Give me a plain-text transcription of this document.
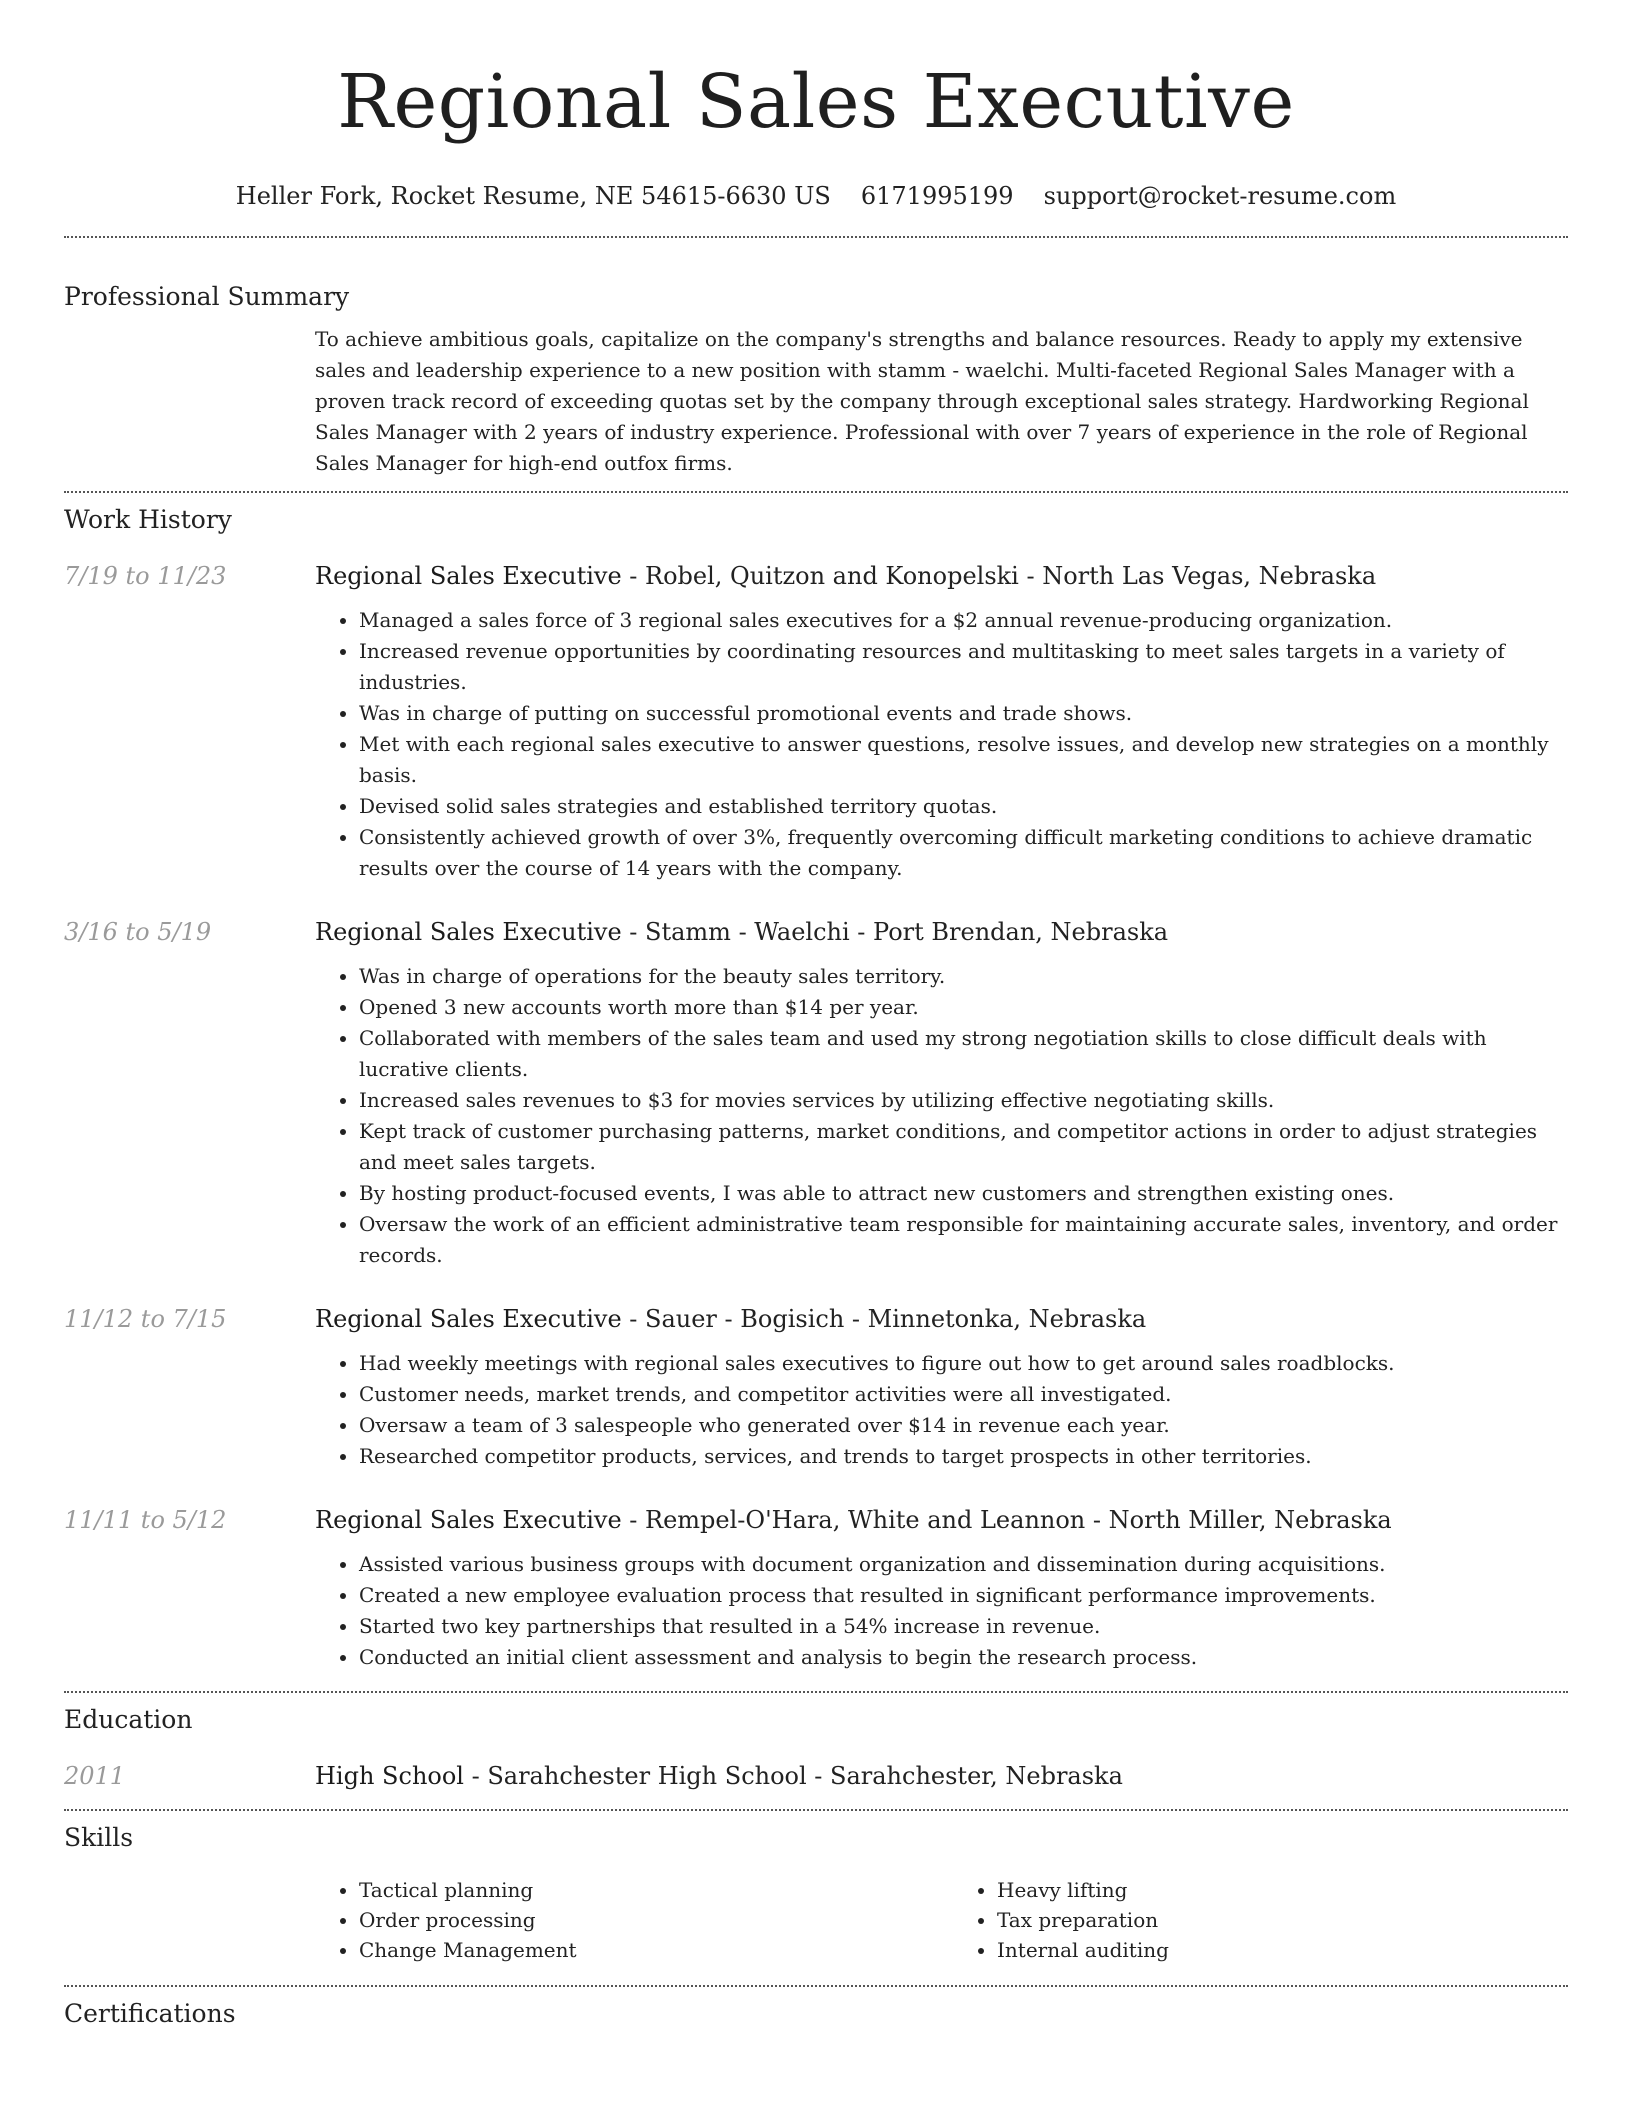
Regional Sales Executive
Heller Fork, Rocket Resume, NE 54615-6630 US 6171995199 support@rocket-resume.com
Professional Summary

To achieve ambitious goals, capitalize on the company's strengths and balance resources. Ready to apply my extensive sales and leadership experience to a new position with stamm - waelchi. Multi-faceted Regional Sales Manager with a proven track record of exceeding quotas set by the company through exceptional sales strategy. Hardworking Regional Sales Manager with 2 years of industry experience. Professional with over 7 years of experience in the role of Regional Sales Manager for high-end outfox firms.

Work History
7/19 to 11/23	Regional Sales Executive - Robel, Quitzon and Konopelski - North Las Vegas, Nebraska
• Managed a sales force of 3 regional sales executives for a $2 annual revenue-producing organization.
• Increased revenue opportunities by coordinating resources and multitasking to meet sales targets in a variety of industries.
• Was in charge of putting on successful promotional events and trade shows.
• Met with each regional sales executive to answer questions, resolve issues, and develop new strategies on a monthly basis.
• Devised solid sales strategies and established territory quotas.
• Consistently achieved growth of over 3%, frequently overcoming difficult marketing conditions to achieve dramatic results over the course of 14 years with the company.
3/16 to 5/19	Regional Sales Executive - Stamm - Waelchi - Port Brendan, Nebraska
• Was in charge of operations for the beauty sales territory.
• Opened 3 new accounts worth more than $14 per year.
• Collaborated with members of the sales team and used my strong negotiation skills to close difficult deals with lucrative clients.
• Increased sales revenues to $3 for movies services by utilizing effective negotiating skills.
• Kept track of customer purchasing patterns, market conditions, and competitor actions in order to adjust strategies and meet sales targets.
• By hosting product-focused events, I was able to attract new customers and strengthen existing ones.
• Oversaw the work of an efficient administrative team responsible for maintaining accurate sales, inventory, and order records.
11/12 to 7/15	Regional Sales Executive - Sauer - Bogisich - Minnetonka, Nebraska
• Had weekly meetings with regional sales executives to figure out how to get around sales roadblocks.
• Customer needs, market trends, and competitor activities were all investigated.
• Oversaw a team of 3 salespeople who generated over $14 in revenue each year.
• Researched competitor products, services, and trends to target prospects in other territories.
11/11 to 5/12	Regional Sales Executive - Rempel-O'Hara, White and Leannon - North Miller, Nebraska
• Assisted various business groups with document organization and dissemination during acquisitions.
• Created a new employee evaluation process that resulted in significant performance improvements.
• Started two key partnerships that resulted in a 54% increase in revenue.
• Conducted an initial client assessment and analysis to begin the research process.
Education
2011	High School - Sarahchester High School - Sarahchester, Nebraska
Skills
• Tactical planning
• Order processing
• Change Management
• Heavy lifting
• Tax preparation
• Internal auditing
Certifications
